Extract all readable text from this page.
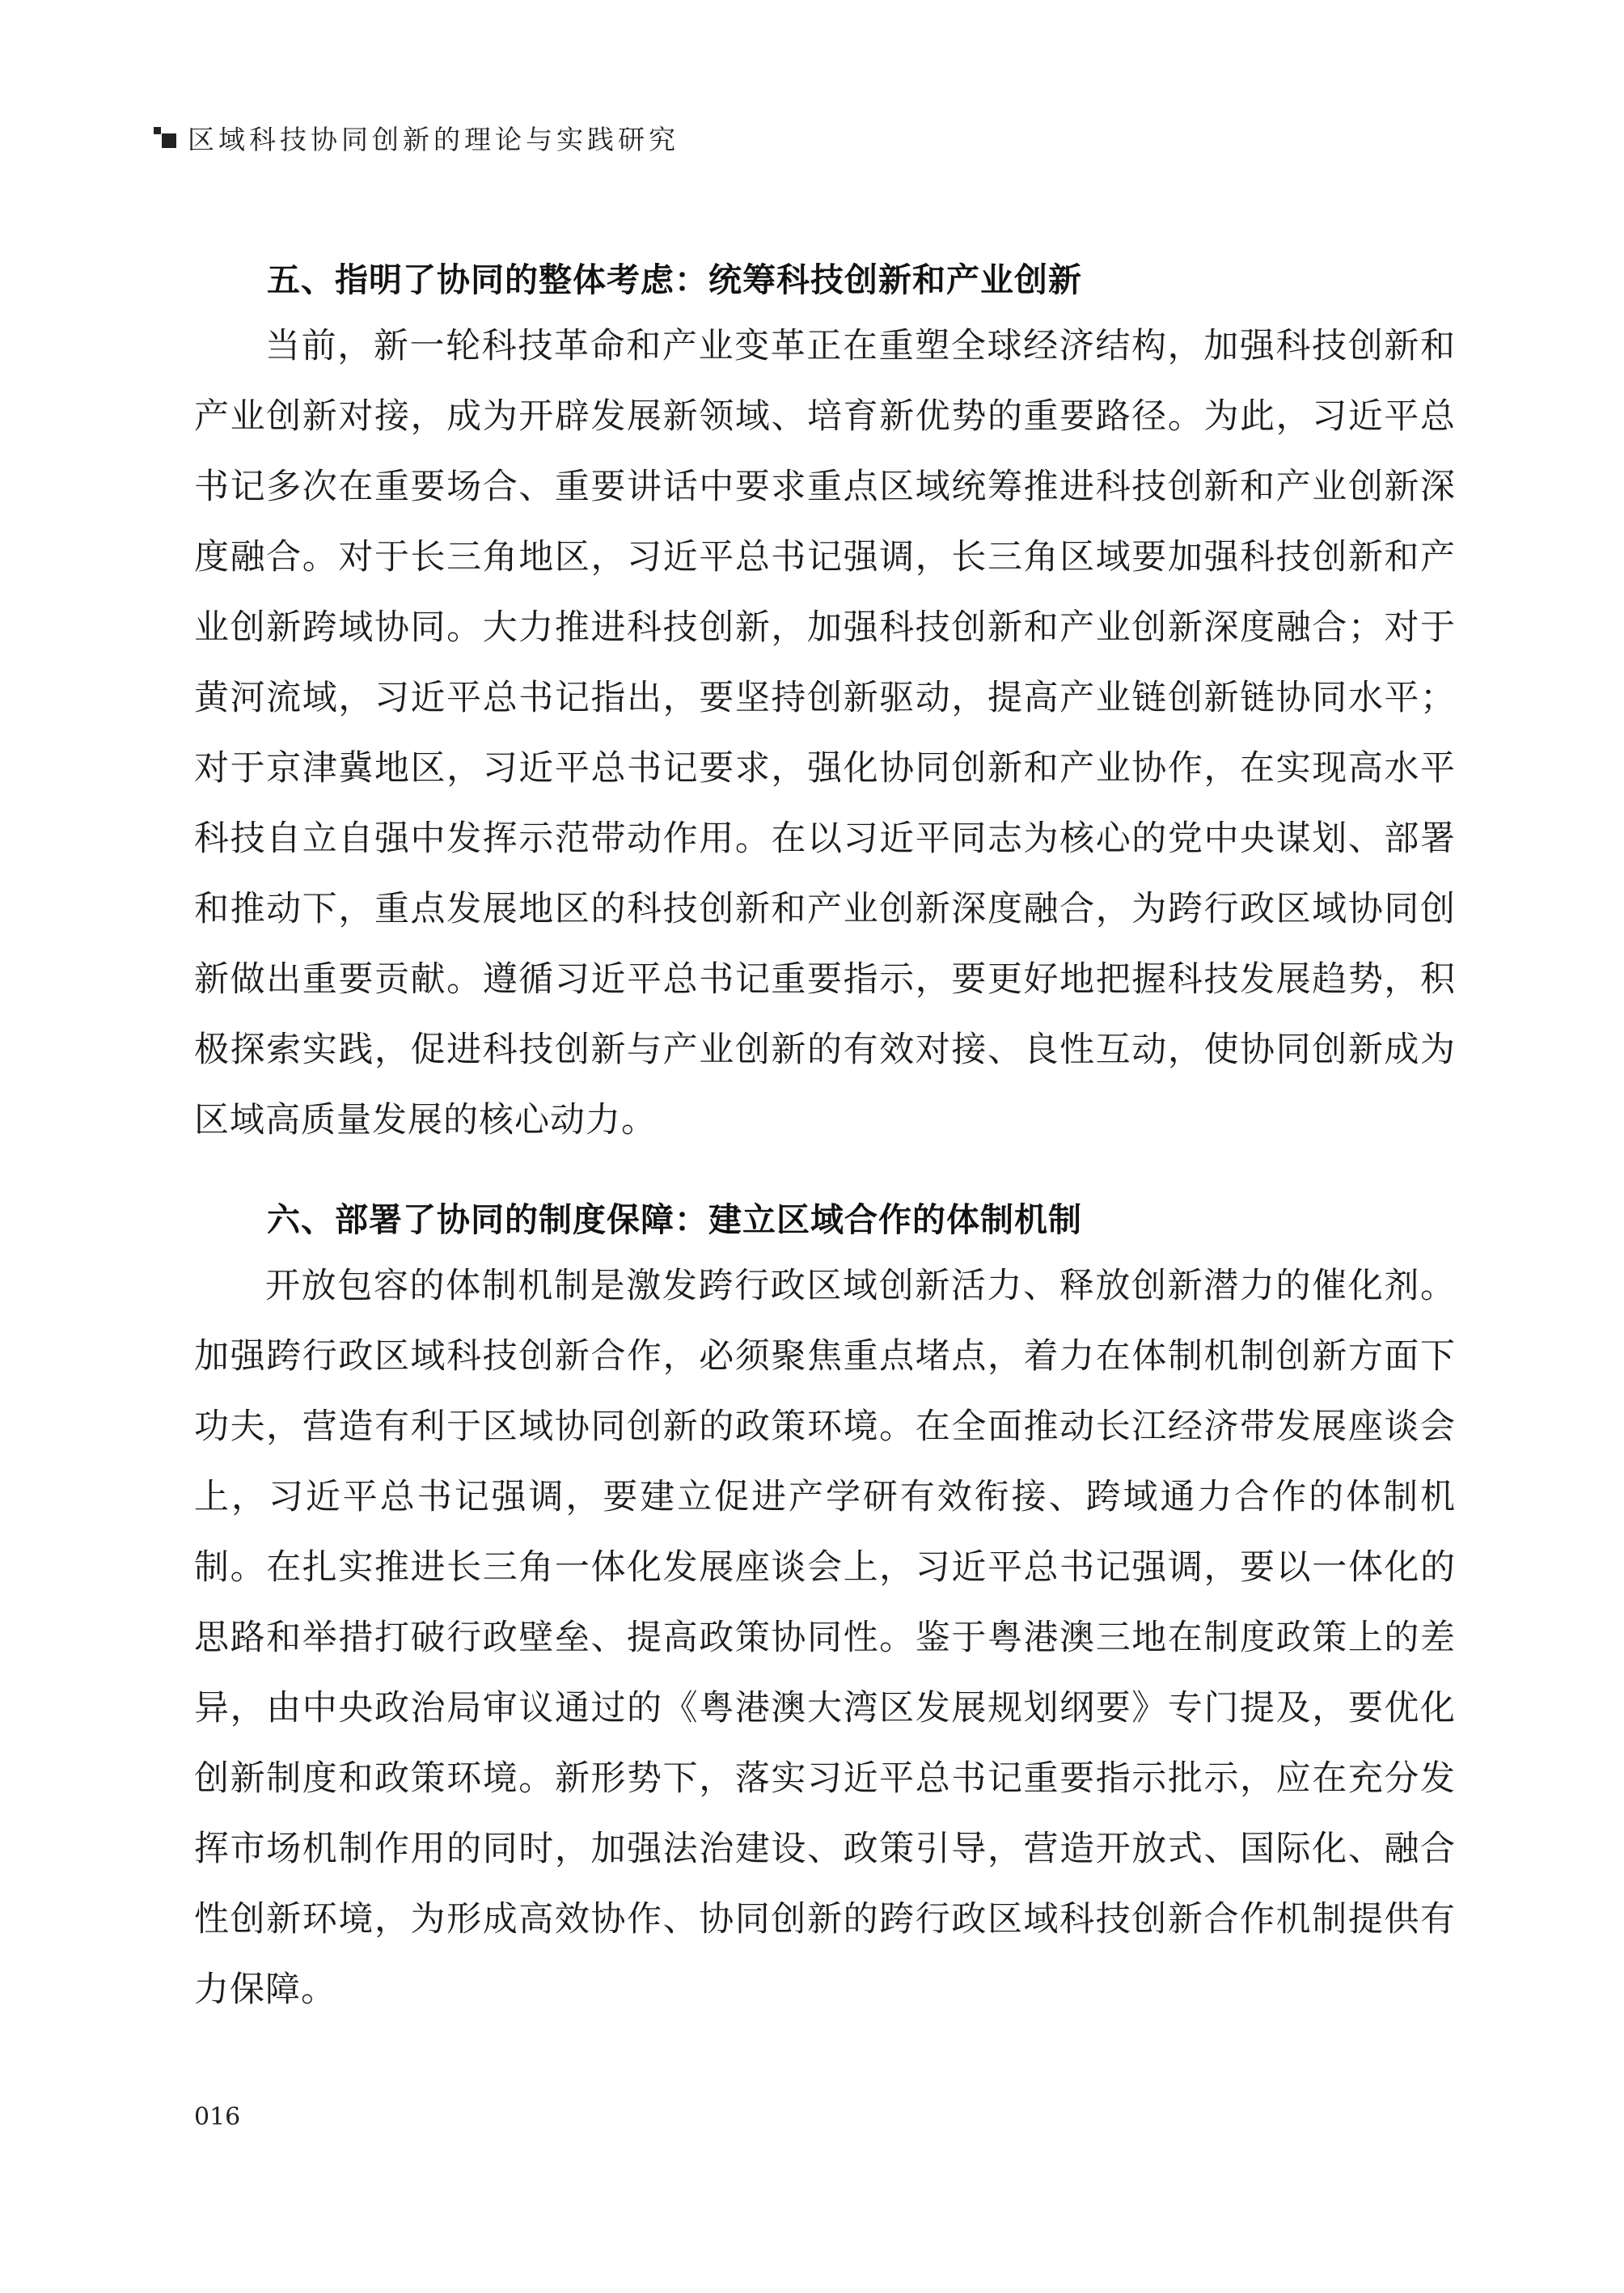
区域科技协同创新的理论与实践研究
五、指明了协同的整体考虑：统筹科技创新和产业创新

当前，新一轮科技革命和产业变革正在重塑全球经济结构，加强科技创新和产业创新对接，成为开辟发展新领域、培育新优势的重要路径。为此，习近平总书记多次在重要场合、重要讲话中要求重点区域统筹推进科技创新和产业创新深度融合。对于长三角地区，习近平总书记强调，长三角区域要加强科技创新和产业创新跨域协同。大力推进科技创新，加强科技创新和产业创新深度融合；对于黄河流域，习近平总书记指出，要坚持创新驱动，提高产业链创新链协同水平；对于京津冀地区，习近平总书记要求，强化协同创新和产业协作，在实现高水平科技自立自强中发挥示范带动作用。在以习近平同志为核心的党中央谋划、部署和推动下，重点发展地区的科技创新和产业创新深度融合，为跨行政区域协同创新做出重要贡献。遵循习近平总书记重要指示，要更好地把握科技发展趋势，积极探索实践，促进科技创新与产业创新的有效对接、良性互动，使协同创新成为区域高质量发展的核心动力。

六、部署了协同的制度保障：建立区域合作的体制机制

开放包容的体制机制是激发跨行政区域创新活力、释放创新潜力的催化剂。加强跨行政区域科技创新合作，必须聚焦重点堵点，着力在体制机制创新方面下功夫，营造有利于区域协同创新的政策环境。在全面推动长江经济带发展座谈会上，习近平总书记强调，要建立促进产学研有效衔接、跨域通力合作的体制机制。在扎实推进长三角一体化发展座谈会上，习近平总书记强调，要以一体化的思路和举措打破行政壁垒、提高政策协同性。鉴于粤港澳三地在制度政策上的差异，由中央政治局审议通过的《粤港澳大湾区发展规划纲要》专门提及，要优化创新制度和政策环境。新形势下，落实习近平总书记重要指示批示，应在充分发挥市场机制作用的同时，加强法治建设、政策引导，营造开放式、国际化、融合性创新环境，为形成高效协作、协同创新的跨行政区域科技创新合作机制提供有力保障。

016
